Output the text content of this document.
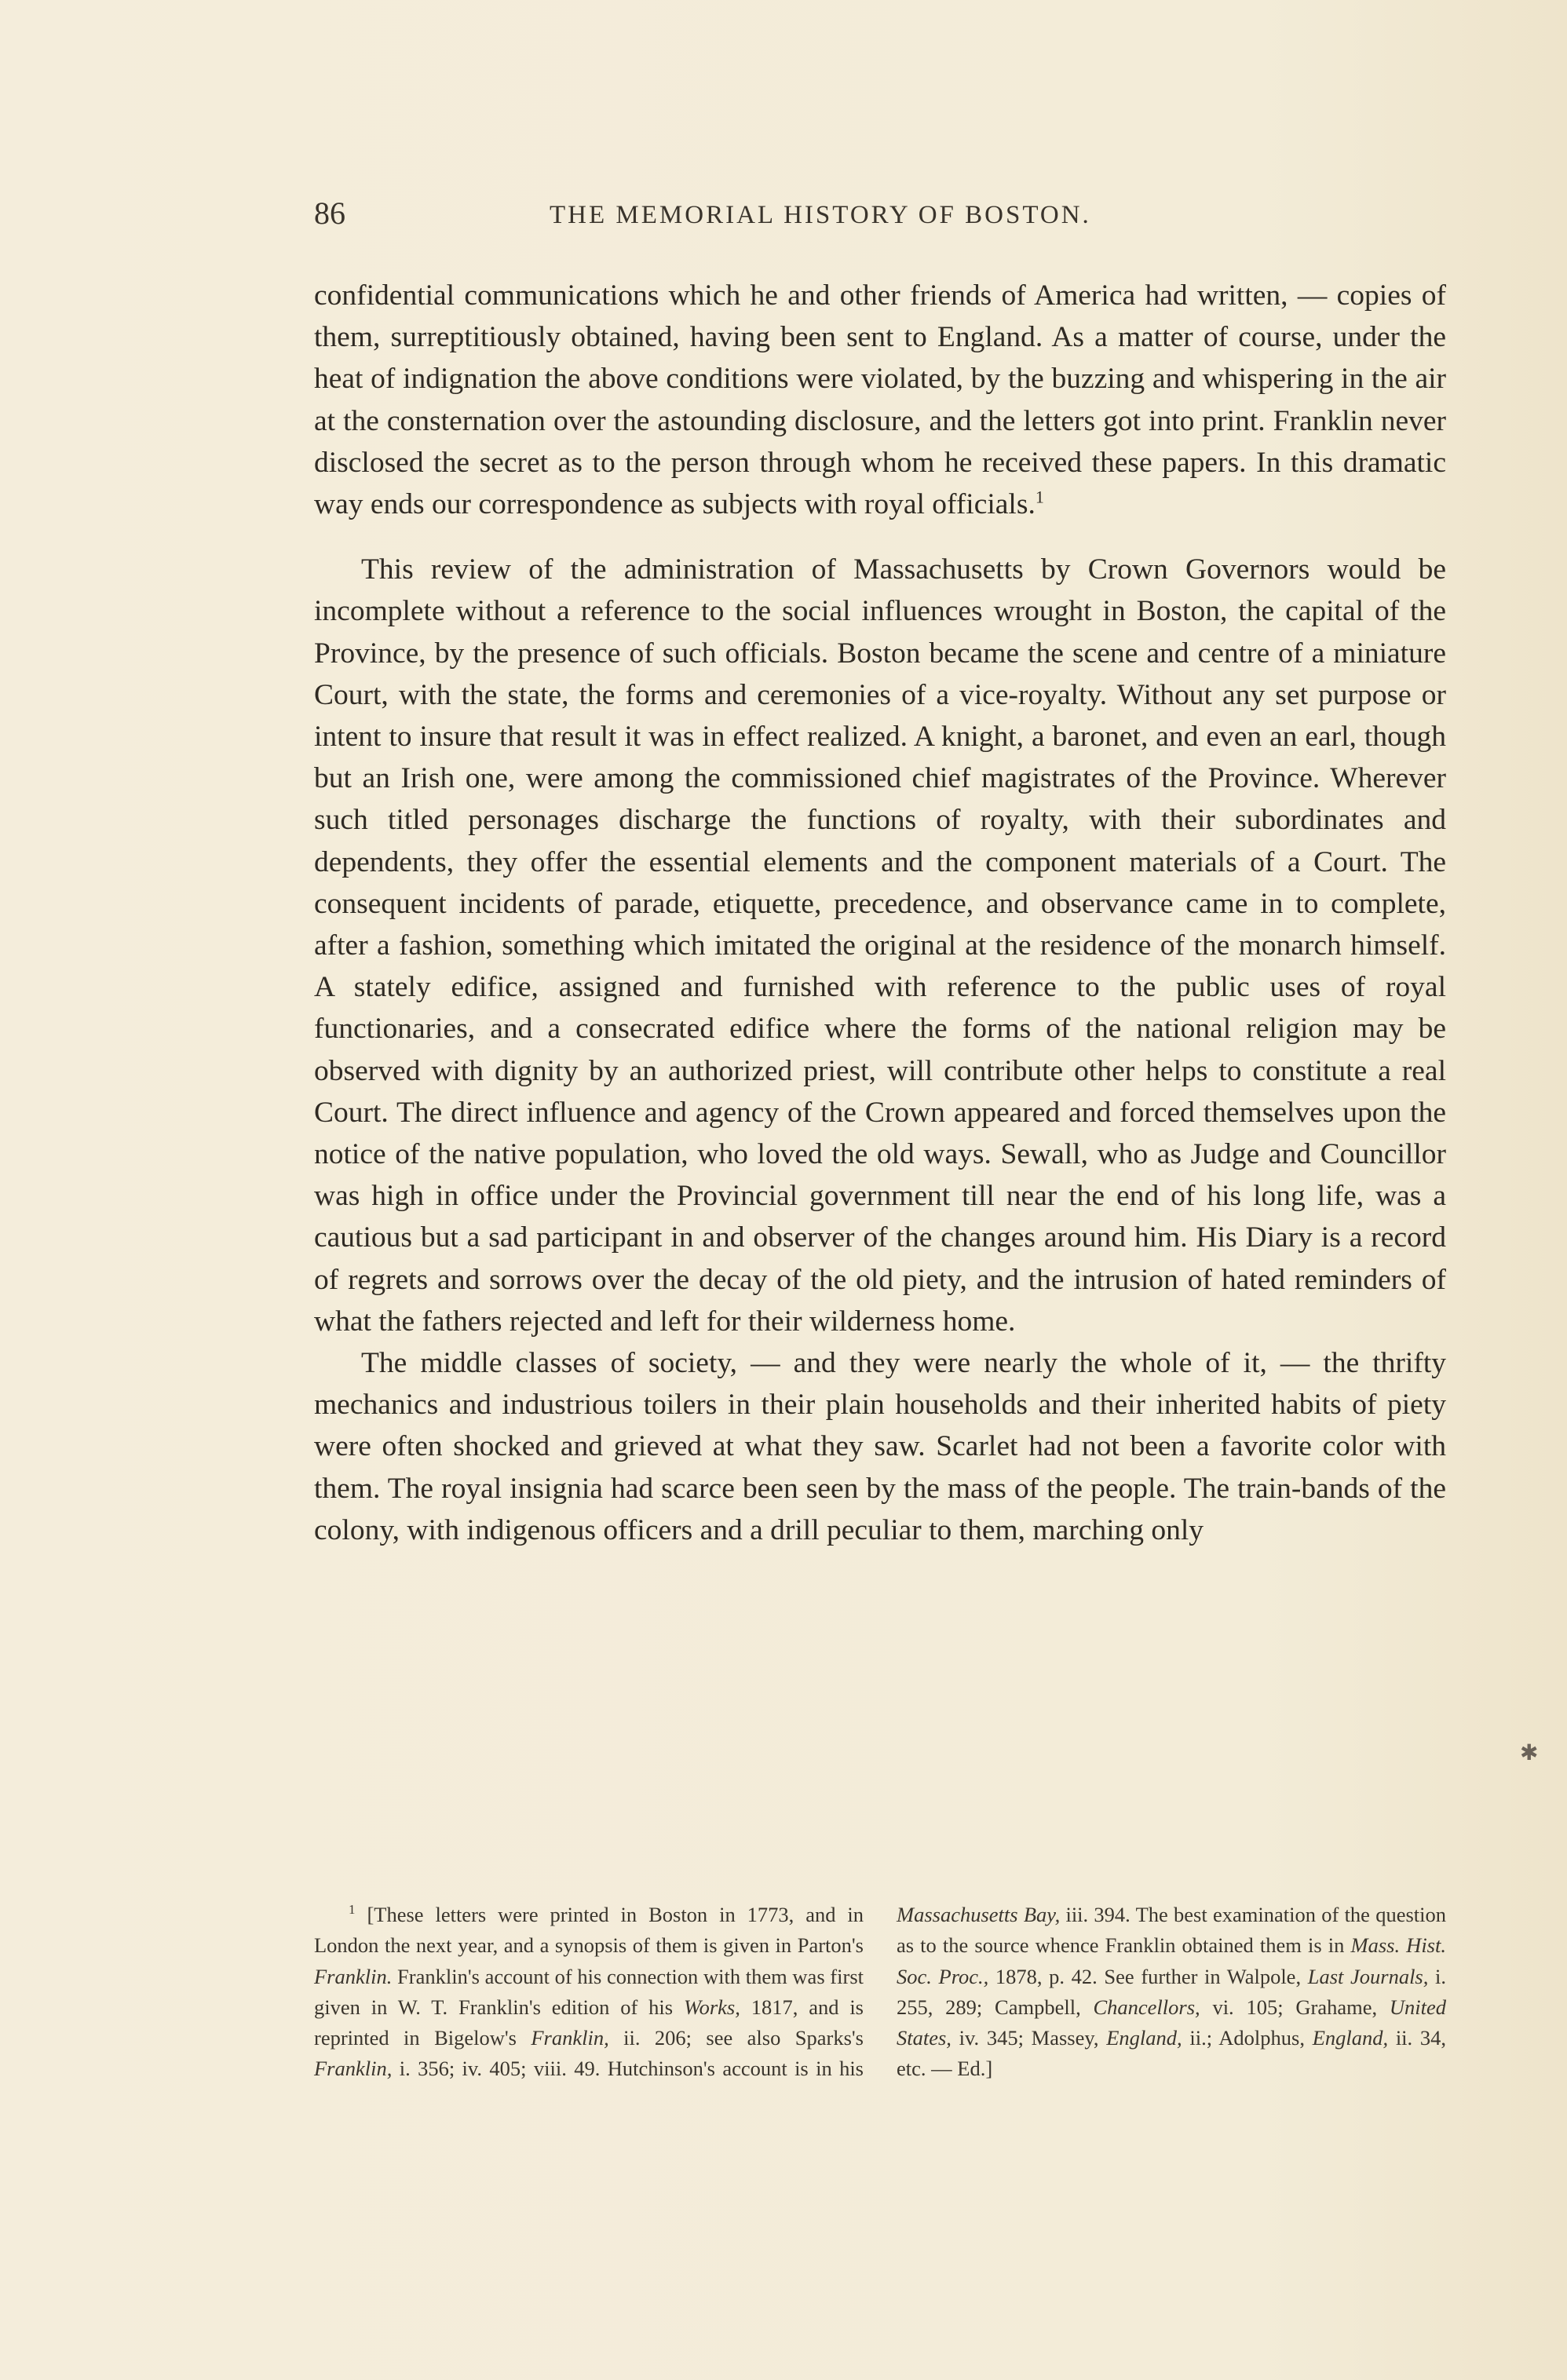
86	THE MEMORIAL HISTORY OF BOSTON.

confidential communications which he and other friends of America had written, — copies of them, surreptitiously obtained, having been sent to England. As a matter of course, under the heat of indignation the above conditions were violated, by the buzzing and whispering in the air at the consternation over the astounding disclosure, and the letters got into print. Franklin never disclosed the secret as to the person through whom he received these papers. In this dramatic way ends our correspondence as subjects with royal officials.$^1$

This review of the administration of Massachusetts by Crown Governors would be incomplete without a reference to the social influences wrought in Boston, the capital of the Province, by the presence of such officials. Boston became the scene and centre of a miniature Court, with the state, the forms and ceremonies of a vice-royalty. Without any set purpose or intent to insure that result it was in effect realized. A knight, a baronet, and even an earl, though but an Irish one, were among the commissioned chief magistrates of the Province. Wherever such titled personages discharge the functions of royalty, with their subordinates and dependents, they offer the essential elements and the component materials of a Court. The consequent incidents of parade, etiquette, precedence, and observance came in to complete, after a fashion, something which imitated the original at the residence of the monarch himself. A stately edifice, assigned and furnished with reference to the public uses of royal functionaries, and a consecrated edifice where the forms of the national religion may be observed with dignity by an authorized priest, will contribute other helps to constitute a real Court. The direct influence and agency of the Crown appeared and forced themselves upon the notice of the native population, who loved the old ways. Sewall, who as Judge and Councillor was high in office under the Provincial government till near the end of his long life, was a cautious but a sad participant in and observer of the changes around him. His Diary is a record of regrets and sorrows over the decay of the old piety, and the intrusion of hated reminders of what the fathers rejected and left for their wilderness home.

The middle classes of society, — and they were nearly the whole of it, — the thrifty mechanics and industrious toilers in their plain households and their inherited habits of piety were often shocked and grieved at what they saw. Scarlet had not been a favorite color with them. The royal insignia had scarce been seen by the mass of the people. The train-bands of the colony, with indigenous officers and a drill peculiar to them, marching only

$^1$ [These letters were printed in Boston in 1773, and in London the next year, and a synopsis of them is given in Parton's Franklin. Franklin's account of his connection with them was first given in W. T. Franklin's edition of his Works, 1817, and is reprinted in Bigelow's Franklin, ii. 206; see also Sparks's Franklin, i. 356; iv. 405; viii. 49. Hutchinson's account is in his Massachusetts Bay, iii. 394. The best examination of the question as to the source whence Franklin obtained them is in Mass. Hist. Soc. Proc., 1878, p. 42. See further in Walpole, Last Journals, i. 255, 289; Campbell, Chancellors, vi. 105; Grahame, United States, iv. 345; Massey, England, ii.; Adolphus, England, ii. 34, etc. — Ed.]

✱
